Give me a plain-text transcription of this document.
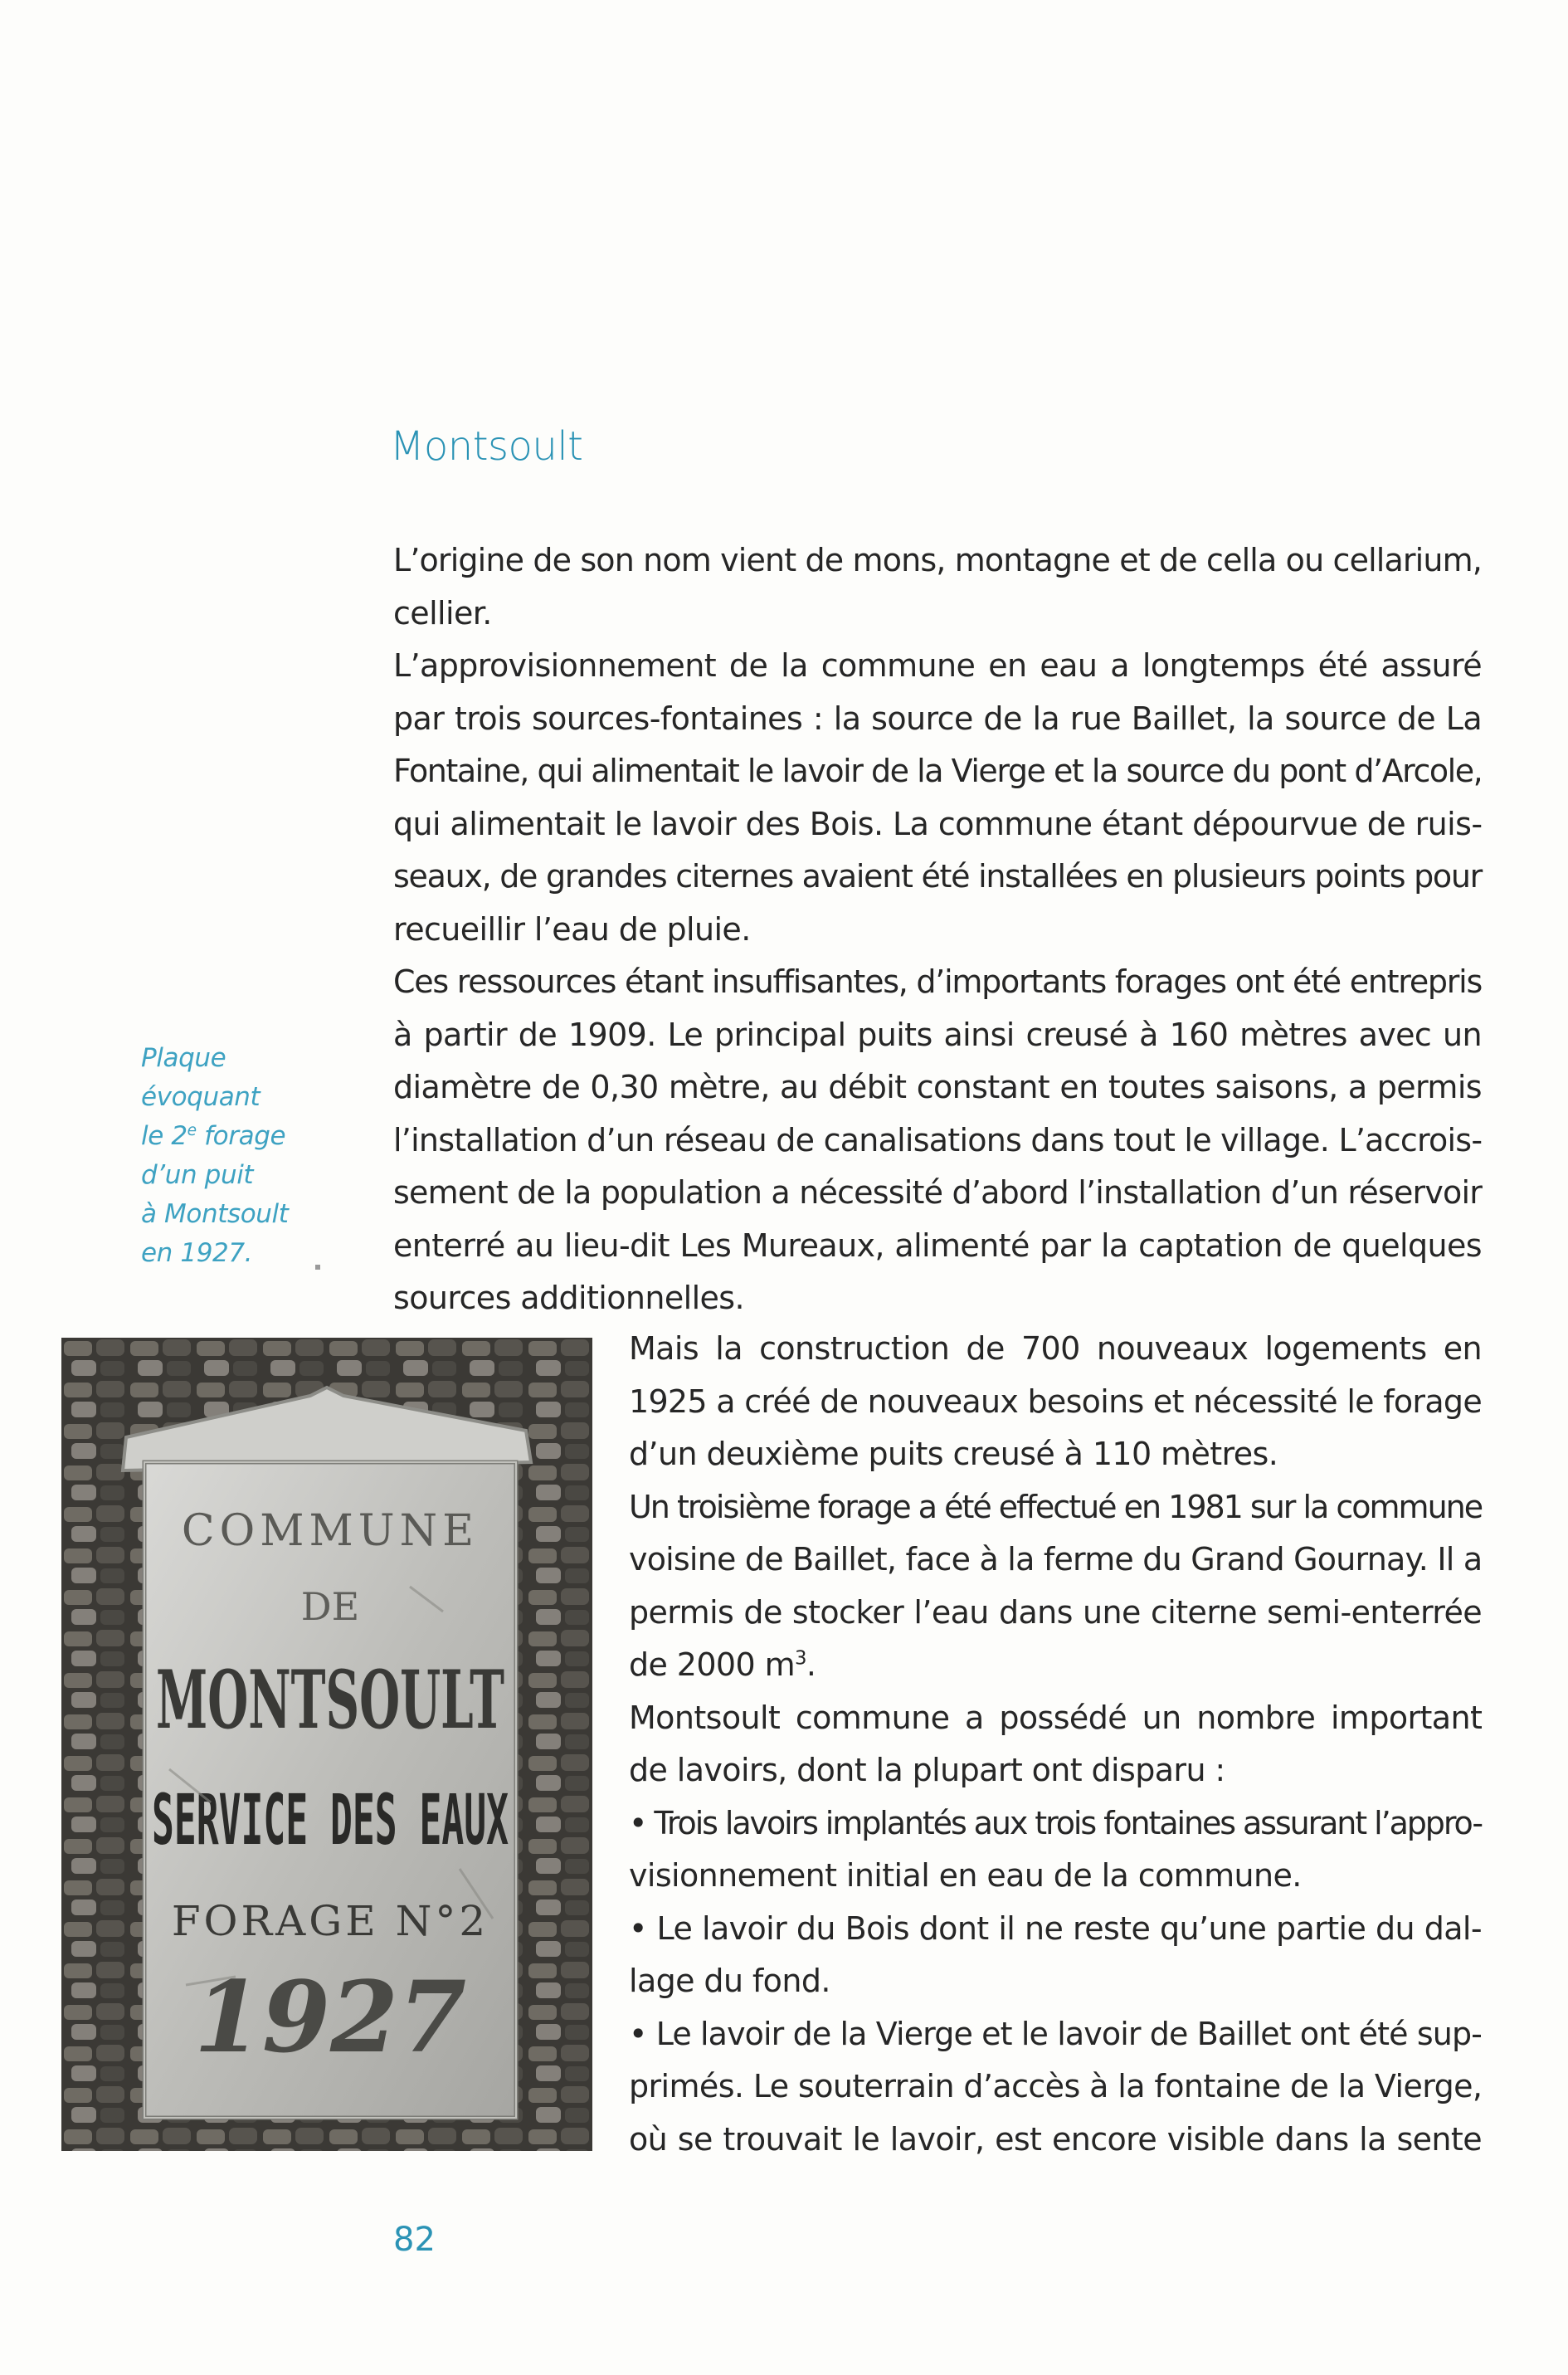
Montsoult

L’origine de son nom vient de mons, montagne et de cella ou cellarium,
cellier.
L’approvisionnement de la commune en eau a longtemps été assuré
par trois sources-fontaines : la source de la rue Baillet, la source de La
Fontaine, qui alimentait le lavoir de la Vierge et la source du pont d’Arcole,
qui alimentait le lavoir des Bois. La commune étant dépourvue de ruis-
seaux, de grandes citernes avaient été installées en plusieurs points pour
recueillir l’eau de pluie.
Ces ressources étant insuffisantes, d’importants forages ont été entrepris
à partir de 1909. Le principal puits ainsi creusé à 160 mètres avec un
diamètre de 0,30 mètre, au débit constant en toutes saisons, a permis
l’installation d’un réseau de canalisations dans tout le village. L’accrois-
sement de la population a nécessité d’abord l’installation d’un réservoir
enterré au lieu-dit Les Mureaux, alimenté par la captation de quelques
sources additionnelles.

Plaque
évoquant
le 2e forage
d’un puit
à Montsoult
en 1927.
COMMUNE
DE
MONTSOULT
SERVICE DES EAUX
FORAGE N°2
1927

Mais la construction de 700 nouveaux logements en
1925 a créé de nouveaux besoins et nécessité le forage
d’un deuxième puits creusé à 110 mètres.
Un troisième forage a été effectué en 1981 sur la commune
voisine de Baillet, face à la ferme du Grand Gournay. Il a
permis de stocker l’eau dans une citerne semi-enterrée
de 2000 $m^3$.
Montsoult commune a possédé un nombre important
de lavoirs, dont la plupart ont disparu :
• Trois lavoirs implantés aux trois fontaines assurant l’appro-
visionnement initial en eau de la commune.
• Le lavoir du Bois dont il ne reste qu’une partie du dal-
lage du fond.
• Le lavoir de la Vierge et le lavoir de Baillet ont été sup-
primés. Le souterrain d’accès à la fontaine de la Vierge,
où se trouvait le lavoir, est encore visible dans la sente

82
